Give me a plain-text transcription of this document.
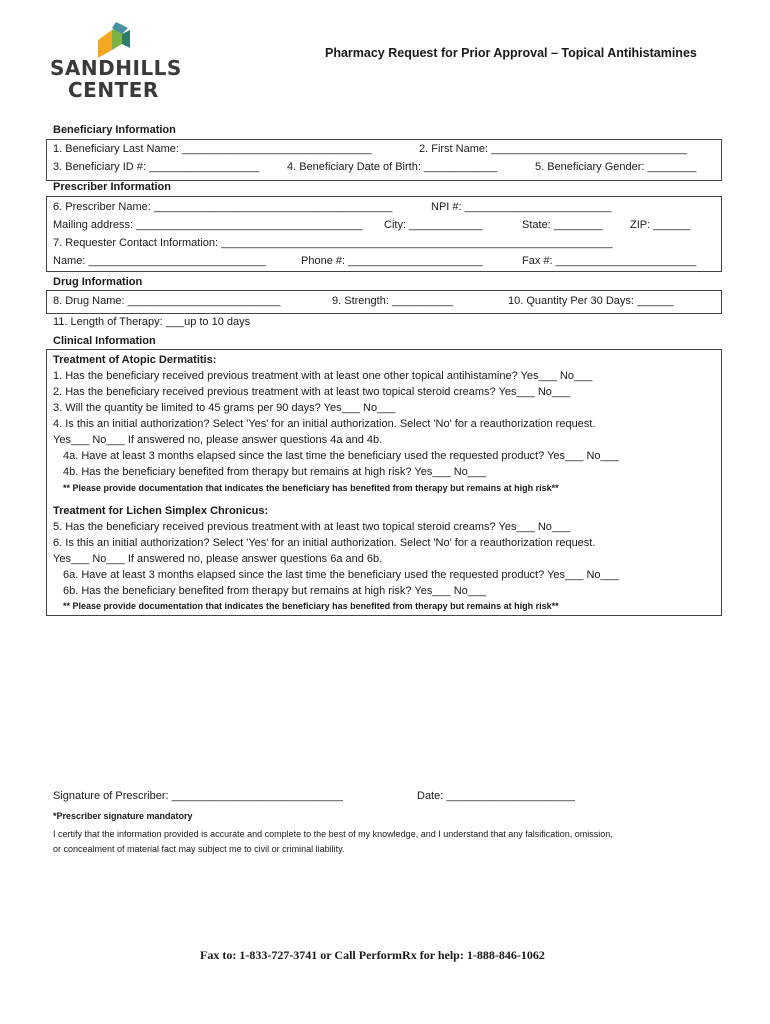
SANDHILLS
CENTER
Pharmacy Request for Prior Approval – Topical Antihistamines
Beneficiary Information
1. Beneficiary Last Name: _______________________________	2. First Name: ________________________________
3. Beneficiary ID #: __________________	4. Beneficiary Date of Birth: ____________	5. Beneficiary Gender: ________
Prescriber Information
6. Prescriber Name: _______________________________________	NPI #: ________________________
Mailing address: _____________________________________ City: ____________	State: ________ ZIP: ______
7. Requester Contact Information: ________________________________________________________________
Name: _____________________________	Phone #: ______________________	Fax #: _______________________
Drug Information
8. Drug Name: _________________________	9. Strength: __________	10. Quantity Per 30 Days: ______
11. Length of Therapy: ___up to 10 days
Clinical Information
Treatment of Atopic Dermatitis:
1. Has the beneficiary received previous treatment with at least one other topical antihistamine? Yes___ No___
2. Has the beneficiary received previous treatment with at least two topical steroid creams? Yes___ No___
3. Will the quantity be limited to 45 grams per 90 days? Yes___ No___
4. Is this an initial authorization? Select 'Yes' for an initial authorization. Select 'No' for a reauthorization request.
Yes___ No___ If answered no, please answer questions 4a and 4b.
4a. Have at least 3 months elapsed since the last time the beneficiary used the requested product? Yes___ No___
4b. Has the beneficiary benefited from therapy but remains at high risk? Yes___ No___
** Please provide documentation that indicates the beneficiary has benefited from therapy but remains at high risk**
Treatment for Lichen Simplex Chronicus:
5. Has the beneficiary received previous treatment with at least two topical steroid creams? Yes___ No___
6. Is this an initial authorization? Select 'Yes' for an initial authorization. Select 'No' for a reauthorization request.
Yes___ No___ If answered no, please answer questions 6a and 6b.
6a. Have at least 3 months elapsed since the last time the beneficiary used the requested product? Yes___ No___
6b. Has the beneficiary benefited from therapy but remains at high risk? Yes___ No___
** Please provide documentation that indicates the beneficiary has benefited from therapy but remains at high risk**
Signature of Prescriber: ____________________________	Date: _____________________
*Prescriber signature mandatory
I certify that the information provided is accurate and complete to the best of my knowledge, and I understand that any falsification, omission,
or concealment of material fact may subject me to civil or criminal liability.
Fax to: 1-833-727-3741 or Call PerformRx for help: 1-888-846-1062
